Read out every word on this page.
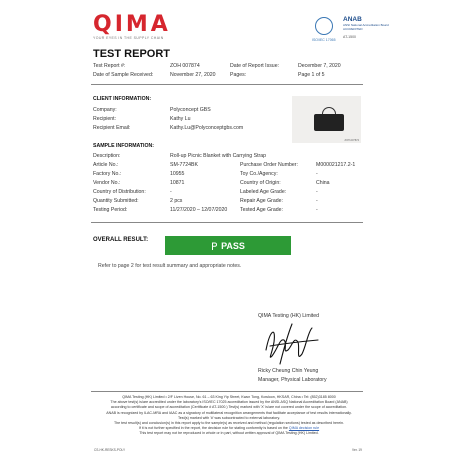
QIMA
YOUR EYES IN THE SUPPLY CHAIN
ANAB
ANSI National Accreditation Board
ACCREDITED
AT-1500
ISO/IEC 17065
TEST REPORT
Test Report #:	ZOH 007874	Date of Report Issue:	December 7, 2020
Date of Sample Received:	November 27, 2020	Pages:	Page 1 of 5
CLIENT INFORMATION:
Company:	Polyconcept GBS
Recipient:	Kathy Lu
Recipient Email:	Kathy.Lu@Polyconceptgbs.com
ZOH-007874
SAMPLE INFORMATION:
Description:	Roll-up Picnic Blanket with Carrying Strap
Article No.:	SM-7724BK	Purchase Order Number:	M000021217.2-1
Factory No.:	10955	Toy Co./Agency:	-
Vendor No.:	10871	Country of Origin:	China
Country of Distribution:	-	Labeled Age Grade:	-
Quantity Submitted:	2 pcs	Repair Age Grade:	-
Testing Period:	11/27/2020 – 12/07/2020 Tested Age Grade:	-
OVERALL RESULT:
PASS
Refer to page 2 for test result summary and appropriate notes.
QIMA Testing (HK) Limited
Ricky Cheung Chin Yeung
Manager, Physical Laboratory
QIMA Testing (HK) Limited • 2/F Liven House, No. 61 – 63 King Yip Street, Kwun Tong, Kowloon, HKSAR, China • Tel: (852)3185 8000
The above test(s) is/are accredited under the laboratory's ISO/IEC 17025 accreditation issued by the ANSI-ASQ National Accreditation Board (ANAB)
according to certificate and scope of accreditation (Certificate # AT-1500.) Test(s) marked with 'X' is/are not covered under the scope of accreditation.
ANAB is recognized by ILAC-MRA and IAAC as a signatory of multilateral recognition arrangements that facilitate acceptance of test results internationally.
Test(s) marked with '#' was subcontracted to external laboratory.
The test result(s) and conclusion(s) in this report apply to the sample(s) as received and method (regulation sections) tested as described herein.
If it is not further specified in the report, the decision rule for stating conformity is based on the QIMA decision rule
This test report may not be reproduced in whole or in part, without written approval of QIMA Testing (HK) Limited.
CS-HK-RESKS-POLY	Ver. 19
